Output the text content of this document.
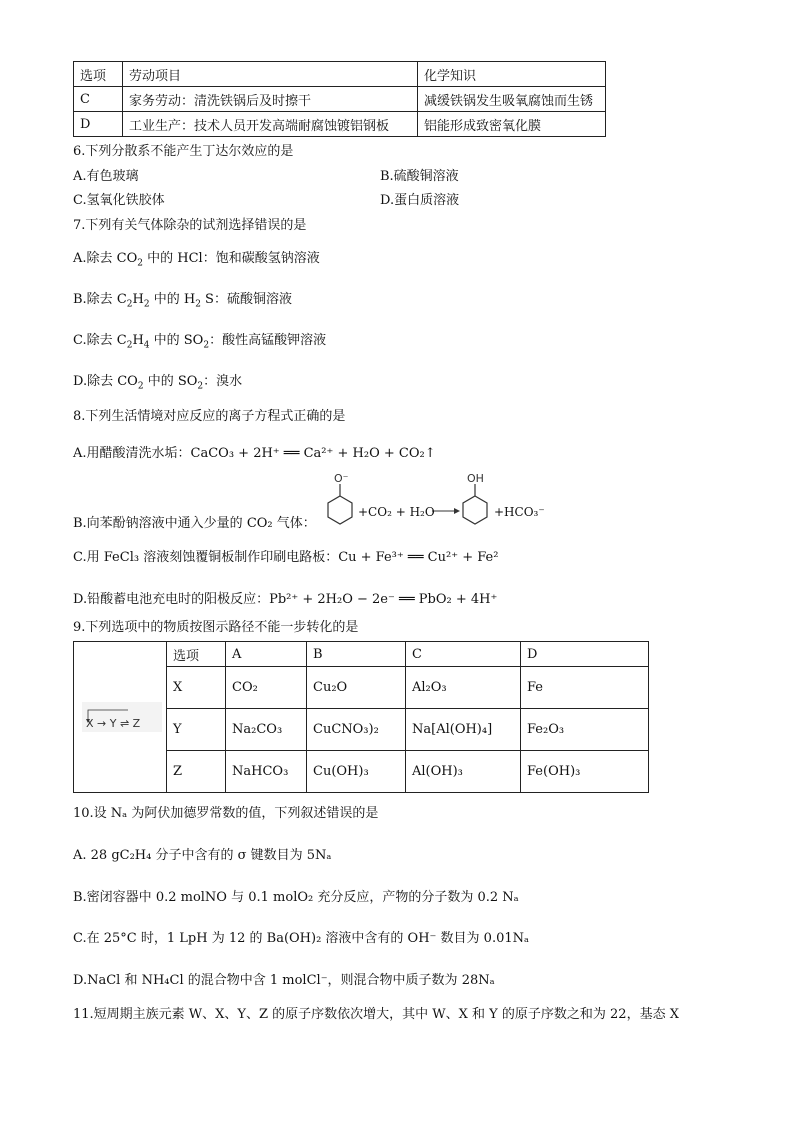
选项	劳动项目	化学知识
C	家务劳动：清洗铁锅后及时擦干	减缓铁锅发生吸氧腐蚀而生锈
D	工业生产：技术人员开发高端耐腐蚀镀铝钢板	铝能形成致密氧化膜
6.下列分散系不能产生丁达尔效应的是
A.有色玻璃	B.硫酸铜溶液
C.氢氧化铁胶体	D.蛋白质溶液
7.下列有关气体除杂的试剂选择错误的是
A.除去 $CO_2$ 中的 HCl：饱和碳酸氢钠溶液
B.除去 $C_2H_2$ 中的 $H_2$ S：硫酸铜溶液
C.除去 $C_2H_4$ 中的 $SO_2$：酸性高锰酸钾溶液
D.除去 $CO_2$ 中的 $SO_2$：溴水
8.下列生活情境对应反应的离子方程式正确的是
A.用醋酸清洗水垢：CaCO₃ + 2H⁺ ══ Ca²⁺ + H₂O + CO₂↑
B.向苯酚钠溶液中通入少量的 CO₂ 气体：
O⁻	OH
+CO₂ + H₂O	+HCO₃⁻
C.用 FeCl₃ 溶液刻蚀覆铜板制作印刷电路板：Cu + Fe³⁺ ══ Cu²⁺ + Fe²
D.铅酸蓄电池充电时的阳极反应：Pb²⁺ + 2H₂O − 2e⁻ ══ PbO₂ + 4H⁺
9.下列选项中的物质按图示路径不能一步转化的是
X → Y ⇌ Z	选项	A	B	C	D
	X	CO₂	Cu₂O	Al₂O₃	Fe
	Y	Na₂CO₃	CuCNO₃)₂	Na[Al(OH)₄]	Fe₂O₃
	Z	NaHCO₃	Cu(OH)₃	Al(OH)₃	Fe(OH)₃
10.设 Nₐ 为阿伏加德罗常数的值，下列叙述错误的是
A. 28 gC₂H₄ 分子中含有的 σ 键数目为 5Nₐ
B.密闭容器中 0.2 molNO 与 0.1 molO₂ 充分反应，产物的分子数为 0.2 Nₐ
C.在 25°C 时，1 LpH 为 12 的 Ba(OH)₂ 溶液中含有的 OH⁻ 数目为 0.01Nₐ
D.NaCl 和 NH₄Cl 的混合物中含 1 molCl⁻，则混合物中质子数为 28Nₐ
11.短周期主族元素 W、X、Y、Z 的原子序数依次增大，其中 W、X 和 Y 的原子序数之和为 22，基态 X
